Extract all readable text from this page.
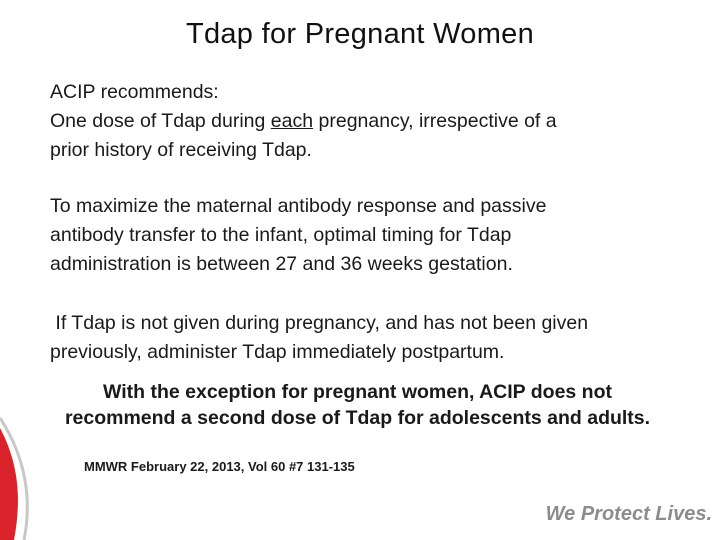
Tdap for Pregnant Women
ACIP recommends:
One dose of Tdap during each pregnancy, irrespective of a
prior history of receiving Tdap.
To maximize the maternal antibody response and passive
antibody transfer to the infant, optimal timing for Tdap
administration is between 27 and 36 weeks gestation.
If Tdap is not given during pregnancy, and has not been given
previously, administer Tdap immediately postpartum.
With the exception for pregnant women, ACIP does not
recommend a second dose of Tdap for adolescents and adults.
MMWR February 22, 2013, Vol 60 #7 131-135
We Protect Lives.
